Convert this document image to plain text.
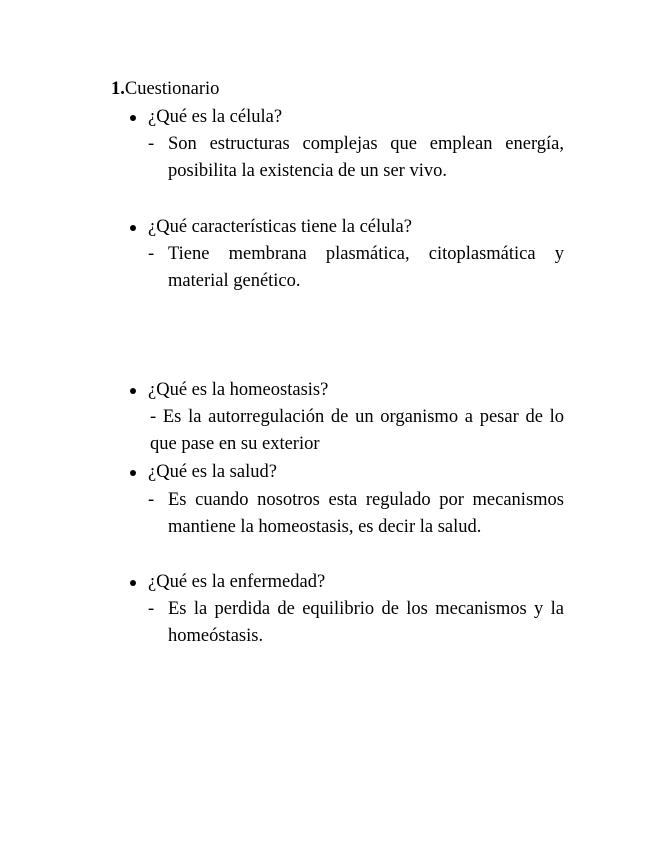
1.Cuestionario
¿Qué es la célula?
- Son estructuras complejas que emplean energía, posibilita la existencia de un ser vivo.
¿Qué características tiene la célula?
- Tiene membrana plasmática, citoplasmática y material genético.
¿Qué es la homeostasis?
- Es la autorregulación de un organismo a pesar de lo que pase en su exterior
¿Qué es la salud?
- Es cuando nosotros esta regulado por mecanismos mantiene la homeostasis, es decir la salud.
¿Qué es la enfermedad?
- Es la perdida de equilibrio de los mecanismos y la homeóstasis.
